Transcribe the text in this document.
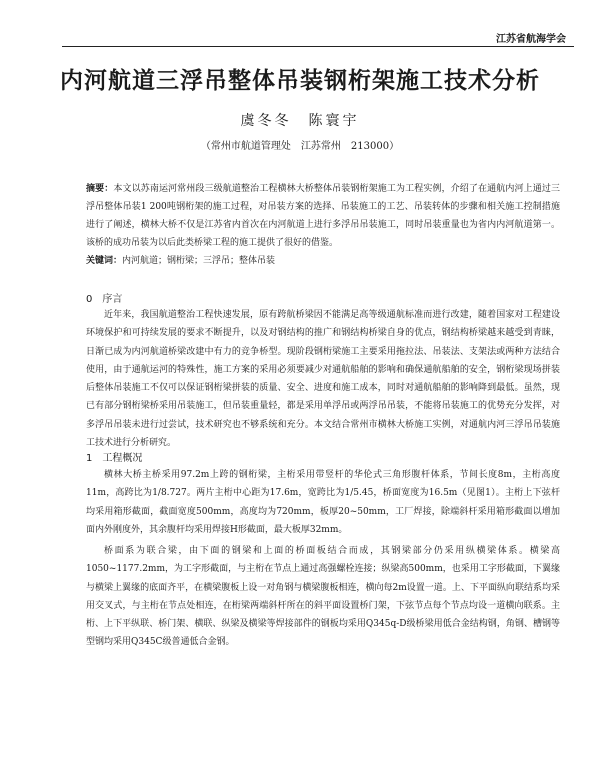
江苏省航海学会
内河航道三浮吊整体吊装钢桁架施工技术分析
虞冬冬　陈寰宇
（常州市航道管理处　江苏常州　213000）
摘要：本文以苏南运河常州段三级航道整治工程横林大桥整体吊装钢桁架施工为工程实例，介绍了在通航内河上通过三浮吊整体吊装1 200吨钢桁架的施工过程，对吊装方案的选择、吊装施工的工艺、吊装转体的步骤和相关施工控制措施进行了阐述，横林大桥不仅是江苏省内首次在内河航道上进行多浮吊吊装施工，同时吊装重量也为省内内河航道第一。该桥的成功吊装为以后此类桥梁工程的施工提供了很好的借鉴。
关键词：内河航道；钢桁梁；三浮吊；整体吊装
0 序言
近年来，我国航道整治工程快速发展，原有跨航桥梁因不能满足高等级通航标准而进行改建，随着国家对工程建设环境保护和可持续发展的要求不断提升，以及对钢结构的推广和钢结构桥梁自身的优点，钢结构桥梁越来越受到青睐，日渐已成为内河航道桥梁改建中有力的竞争桥型。现阶段钢桁梁施工主要采用拖拉法、吊装法、支架法或两种方法结合使用，由于通航运河的特殊性，施工方案的采用必须要减少对通航船舶的影响和确保通航船舶的安全，钢桁梁现场拼装后整体吊装施工不仅可以保证钢桁梁拼装的质量、安全、进度和施工成本，同时对通航船舶的影响降到最低。虽然，现已有部分钢桁梁桥采用吊装施工，但吊装重量轻，都是采用单浮吊或两浮吊吊装，不能将吊装施工的优势充分发挥，对多浮吊吊装未进行过尝试，技术研究也不够系统和充分。本文结合常州市横林大桥施工实例，对通航内河三浮吊吊装施工技术进行分析研究。
1 工程概况
横林大桥主桥采用97.2m上跨的钢桁梁，主桁采用带竖杆的华伦式三角形腹杆体系，节间长度8m，主桁高度11m，高跨比为1/8.727。两片主桁中心距为17.6m，宽跨比为1/5.45，桥面宽度为16.5m（见图1）。主桁上下弦杆均采用箱形截面，截面宽度500mm，高度均为720mm，板厚20~50mm，工厂焊接，除端斜杆采用箱形截面以增加面内外刚度外，其余腹杆均采用焊接H形截面，最大板厚32mm。
桥面系为联合梁，由下面的钢梁和上面的桥面板结合而成，其钢梁部分仍采用纵横梁体系。横梁高1050~1177.2mm，为工字形截面，与主桁在节点上通过高强螺栓连接；纵梁高500mm，也采用工字形截面，下翼缘与横梁上翼缘的底面齐平，在横梁腹板上设一对角钢与横梁腹板相连，横向每2m设置一道。上、下平面纵向联结系均采用交叉式，与主桁在节点处相连，在桁梁两端斜杆所在的斜平面设置桥门架，下弦节点每个节点均设一道横向联系。主桁、上下平纵联、桥门架、横联、纵梁及横梁等焊接部件的钢板均采用Q345q-D级桥梁用低合金结构钢，角钢、槽钢等型钢均采用Q345C级普通低合金钢。
